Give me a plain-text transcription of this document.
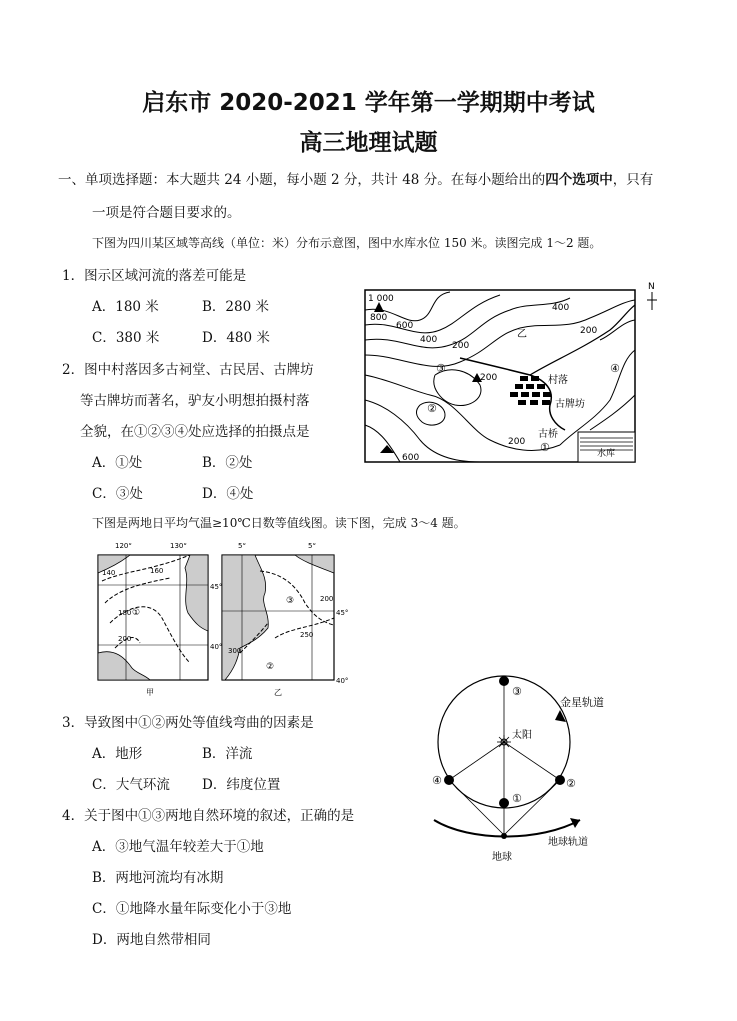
启东市 2020-2021 学年第一学期期中考试
高三地理试题
一、单项选择题：本大题共 24 小题，每小题 2 分，共计 48 分。在每小题给出的四个选项中，只有
一项是符合题目要求的。
下图为四川某区域等高线（单位：米）分布示意图，图中水库水位 150 米。读图完成 1～2 题。
1．图示区域河流的落差可能是
A．180 米	B．280 米
C．380 米	D．480 米
2．图中村落因多古祠堂、古民居、古牌坊
等古牌坊而著名，驴友小明想拍摄村落
全貌，在①②③④处应选择的拍摄点是
A．①处	B．②处
C．③处	D．④处
1 000
800
600
400
200
400
200
乙
村落
古牌坊
古桥
水库
200
200
600
③
②
①
④
N
下图是两地日平均气温≥10℃日数等值线图。读下图，完成 3～4 题。
120°	130°
45°
40°
140	160
180
200
①
甲
5°	5°
45°
40°
200
250
300
③
②
乙	③
④	②
①
金星轨道
太阳
地球
地球轨道
3．导致图中①②两处等值线弯曲的因素是
A．地形	B．洋流
C．大气环流 D．纬度位置
4．关于图中①③两地自然环境的叙述，正确的是
A．③地气温年较差大于①地
B．两地河流均有冰期
C．①地降水量年际变化小于③地
D．两地自然带相同
